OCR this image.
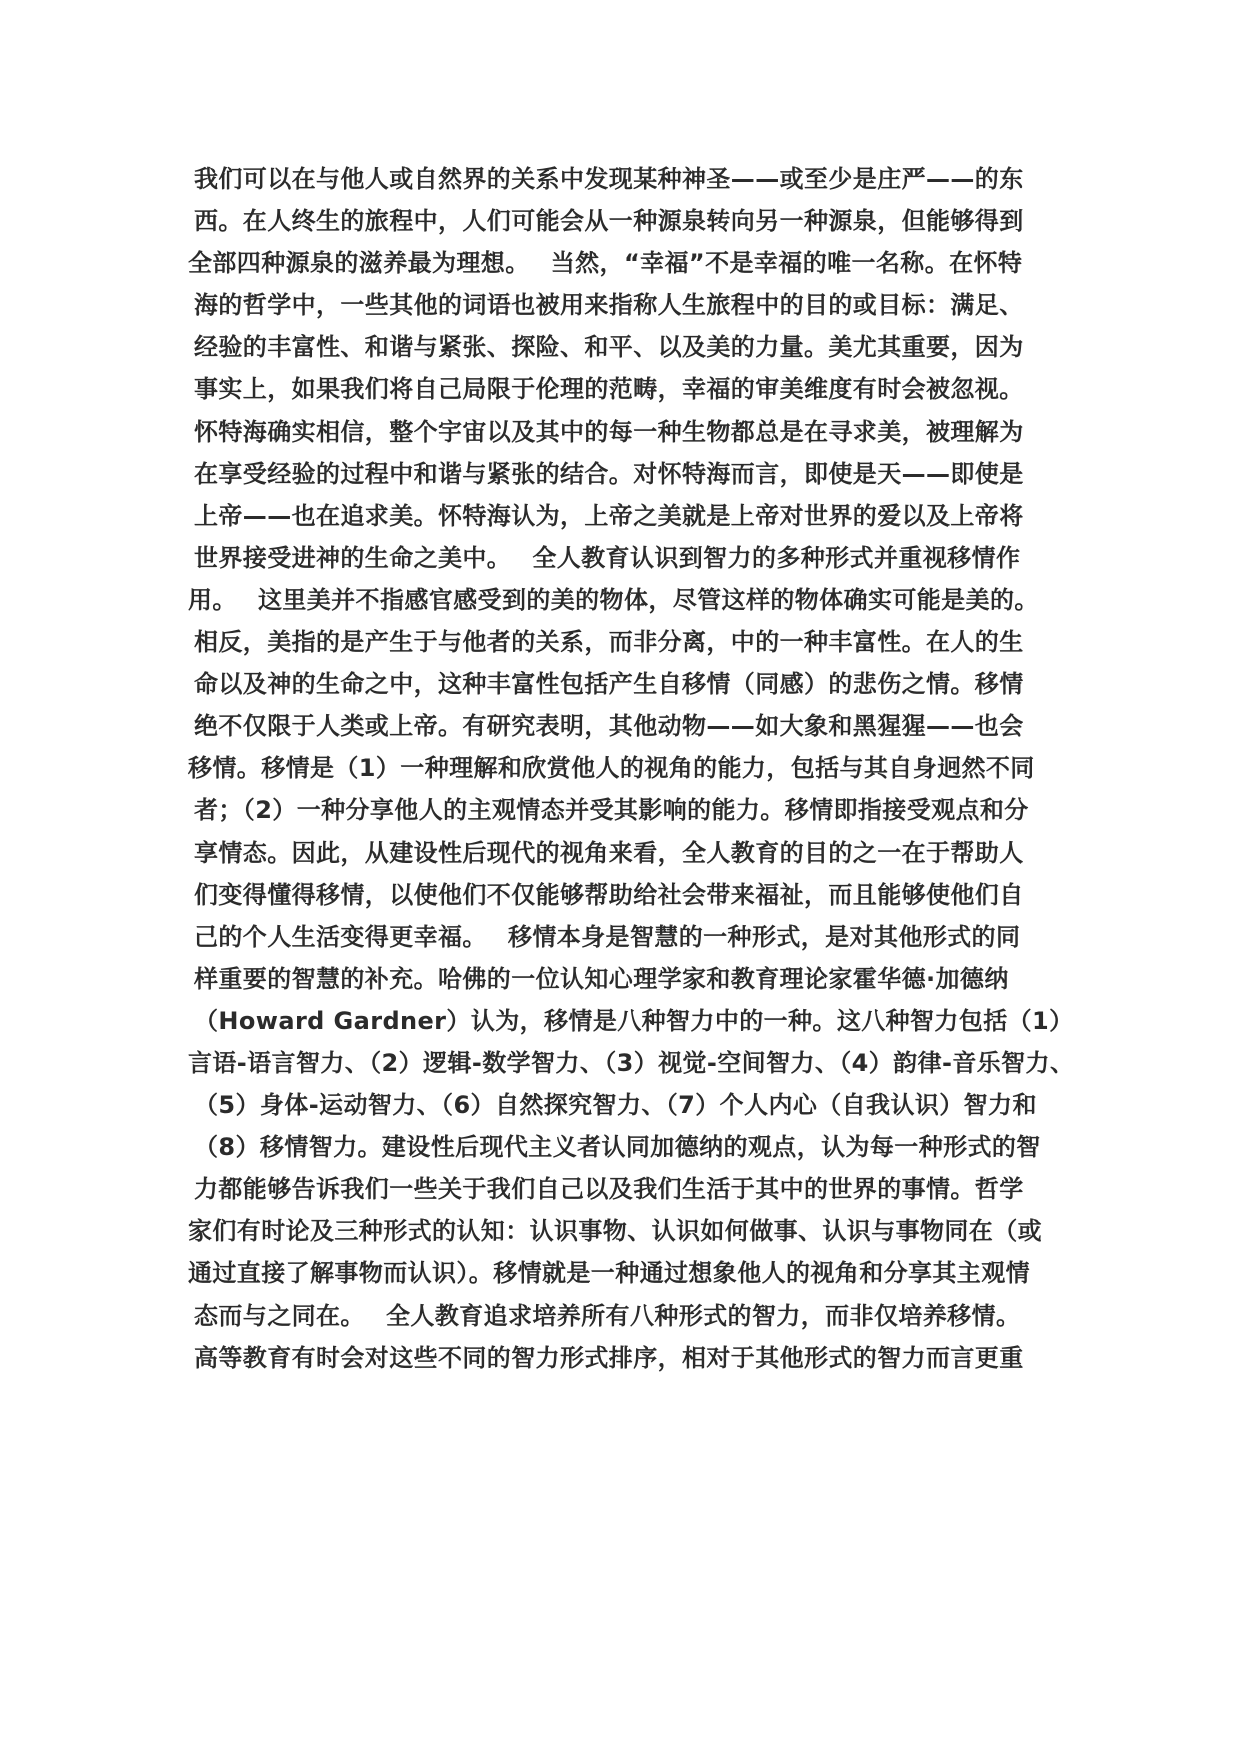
我们可以在与他人或自然界的关系中发现某种神圣——或至少是庄严——的东
西。在人终生的旅程中，人们可能会从一种源泉转向另一种源泉，但能够得到
全部四种源泉的滋养最为理想。　 当然，“幸福”不是幸福的唯一名称。在怀特
海的哲学中，一些其他的词语也被用来指称人生旅程中的目的或目标：满足、
经验的丰富性、和谐与紧张、探险、和平、以及美的力量。美尤其重要，因为
事实上，如果我们将自己局限于伦理的范畴，幸福的审美维度有时会被忽视。
怀特海确实相信，整个宇宙以及其中的每一种生物都总是在寻求美，被理解为
在享受经验的过程中和谐与紧张的结合。对怀特海而言，即使是天——即使是
上帝——也在追求美。怀特海认为，上帝之美就是上帝对世界的爱以及上帝将
世界接受进神的生命之美中。　 全人教育认识到智力的多种形式并重视移情作
用。　 这里美并不指感官感受到的美的物体，尽管这样的物体确实可能是美的。
相反，美指的是产生于与他者的关系，而非分离，中的一种丰富性。在人的生
命以及神的生命之中，这种丰富性包括产生自移情（同感）的悲伤之情。移情
绝不仅限于人类或上帝。有研究表明，其他动物——如大象和黑猩猩——也会
移情。移情是（1）一种理解和欣赏他人的视角的能力，包括与其自身迥然不同
者；（2）一种分享他人的主观情态并受其影响的能力。移情即指接受观点和分
享情态。因此，从建设性后现代的视角来看，全人教育的目的之一在于帮助人
们变得懂得移情，以使他们不仅能够帮助给社会带来福祉，而且能够使他们自
己的个人生活变得更幸福。　 移情本身是智慧的一种形式，是对其他形式的同
样重要的智慧的补充。哈佛的一位认知心理学家和教育理论家霍华德·加德纳
（Howard Gardner）认为，移情是八种智力中的一种。这八种智力包括（1）
言语-语言智力、（2）逻辑-数学智力、（3）视觉-空间智力、（4）韵律-音乐智力、
（5）身体-运动智力、（6）自然探究智力、（7）个人内心（自我认识）智力和
（8）移情智力。建设性后现代主义者认同加德纳的观点，认为每一种形式的智
力都能够告诉我们一些关于我们自己以及我们生活于其中的世界的事情。哲学
家们有时论及三种形式的认知：认识事物、认识如何做事、认识与事物同在（或
通过直接了解事物而认识）。移情就是一种通过想象他人的视角和分享其主观情
态而与之同在。　 全人教育追求培养所有八种形式的智力，而非仅培养移情。
高等教育有时会对这些不同的智力形式排序，相对于其他形式的智力而言更重
